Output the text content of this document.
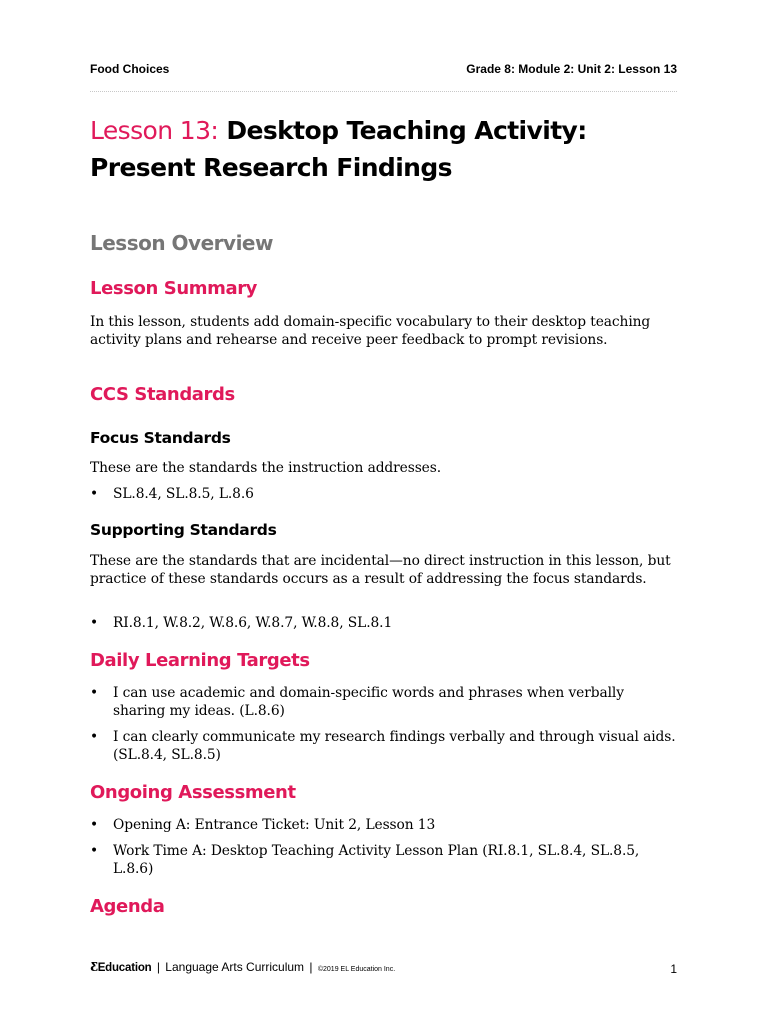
Food Choices	Grade 8: Module 2: Unit 2: Lesson 13
Lesson 13: Desktop Teaching Activity: Present Research Findings
Lesson Overview
Lesson Summary

In this lesson, students add domain-specific vocabulary to their desktop teaching activity plans and rehearse and receive peer feedback to prompt revisions.

CCS Standards
Focus Standards

These are the standards the instruction addresses.

• SL.8.4, SL.8.5, L.8.6
Supporting Standards

These are the standards that are incidental—no direct instruction in this lesson, but practice of these standards occurs as a result of addressing the focus standards.

• RI.8.1, W.8.2, W.8.6, W.8.7, W.8.8, SL.8.1
Daily Learning Targets
• I can use academic and domain-specific words and phrases when verbally sharing my ideas. (L.8.6)
• I can clearly communicate my research findings verbally and through visual aids. (SL.8.4, SL.8.5)
Ongoing Assessment
• Opening A: Entrance Ticket: Unit 2, Lesson 13
• Work Time A: Desktop Teaching Activity Lesson Plan (RI.8.1, SL.8.4, SL.8.5, L.8.6)
Agenda
ƸEducation | Language Arts Curriculum | ©2019 EL Education Inc.	1
